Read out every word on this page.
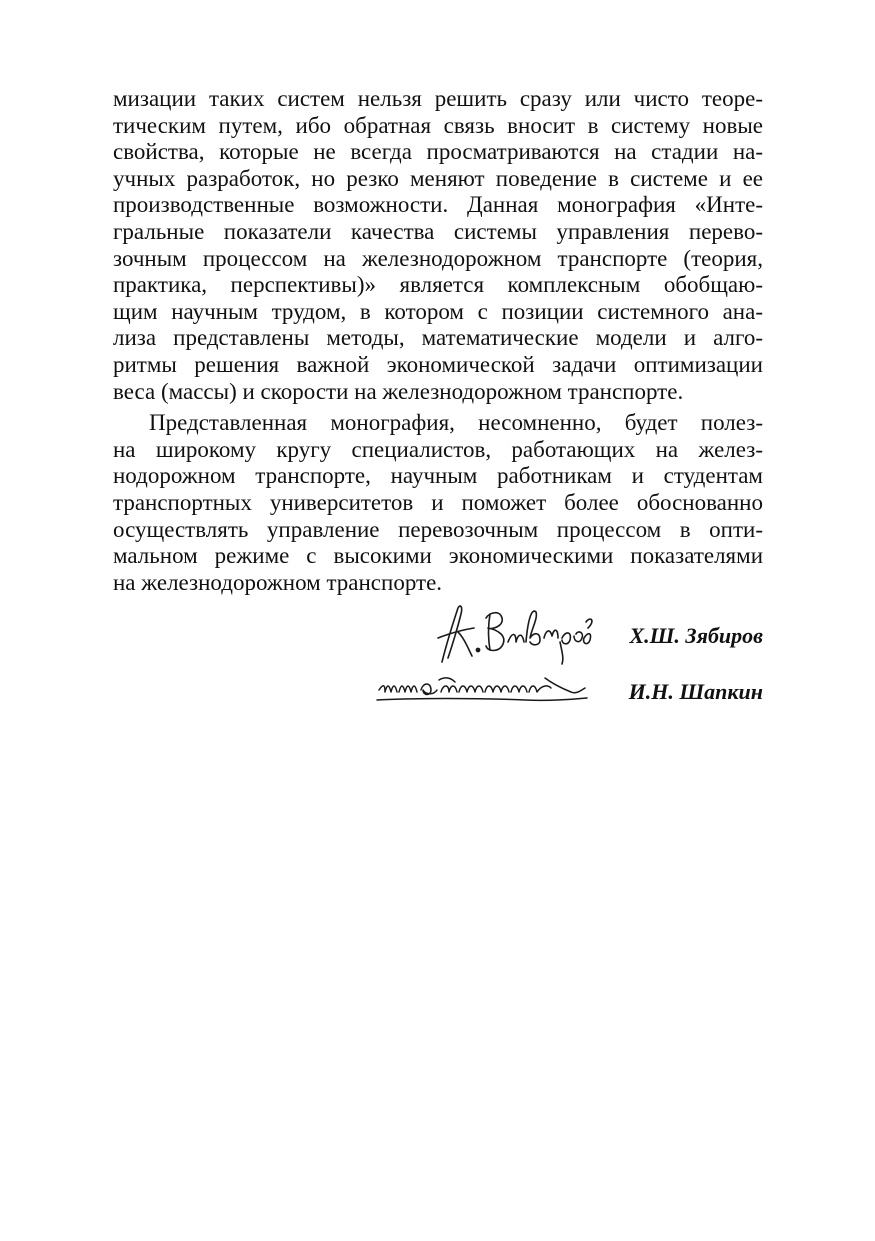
мизации таких систем нельзя решить сразу или чисто теоре-
тическим путем, ибо обратная связь вносит в систему новые
свойства, которые не всегда просматриваются на стадии на-
учных разработок, но резко меняют поведение в системе и ее
производственные возможности. Данная монография «Инте-
гральные показатели качества системы управления перево-
зочным процессом на железнодорожном транспорте (теория,
практика, перспективы)» является комплексным обобщаю-
щим научным трудом, в котором с позиции системного ана-
лиза представлены методы, математические модели и алго-
ритмы решения важной экономической задачи оптимизации
веса (массы) и скорости на железнодорожном транспорте.
Представленная монография, несомненно, будет полез-
на широкому кругу специалистов, работающих на желез-
нодорожном транспорте, научным работникам и студентам
транспортных университетов и поможет более обоснованно
осуществлять управление перевозочным процессом в опти-
мальном режиме с высокими экономическими показателями
на железнодорожном транспорте.
Х.Ш. Зябиров
И.Н. Шапкин
